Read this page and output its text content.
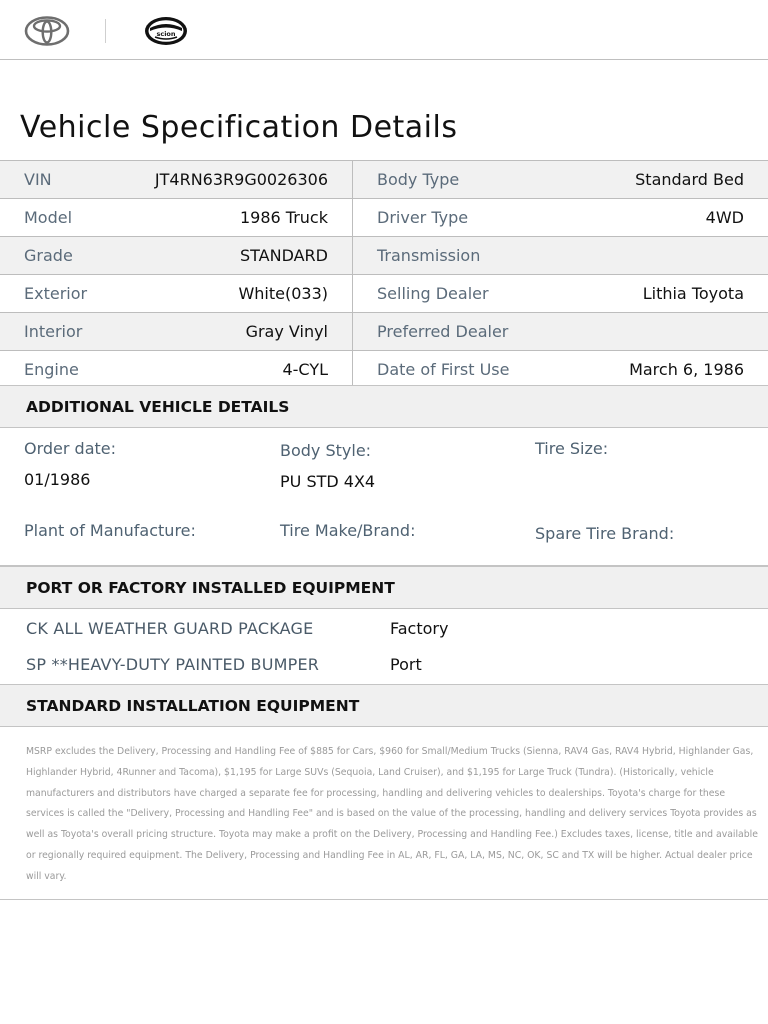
scion
Vehicle Specification Details
VIN	JT4RN63R9G0026306	Body Type	Standard Bed
Model	1986 Truck	Driver Type	4WD
Grade	STANDARD	Transmission
Exterior	White(033)	Selling Dealer	Lithia Toyota
Interior	Gray Vinyl	Preferred Dealer
Engine	4-CYL	Date of First Use	March 6, 1986
ADDITIONAL VEHICLE DETAILS
Order date:
01/1986
Body Style:
PU STD 4X4
Tire Size:
Plant of Manufacture:	Tire Make/Brand:	Spare Tire Brand:
PORT OR FACTORY INSTALLED EQUIPMENT
CK ALL WEATHER GUARD PACKAGE	Factory
SP **HEAVY-DUTY PAINTED BUMPER	Port
STANDARD INSTALLATION EQUIPMENT

MSRP excludes the Delivery, Processing and Handling Fee of $885 for Cars, $960 for Small/Medium Trucks (Sienna, RAV4 Gas, RAV4 Hybrid, Highlander Gas, Highlander Hybrid, 4Runner and Tacoma), $1,195 for Large SUVs (Sequoia, Land Cruiser), and $1,195 for Large Truck (Tundra). (Historically, vehicle manufacturers and distributors have charged a separate fee for processing, handling and delivering vehicles to dealerships. Toyota's charge for these services is called the "Delivery, Processing and Handling Fee" and is based on the value of the processing, handling and delivery services Toyota provides as well as Toyota's overall pricing structure. Toyota may make a profit on the Delivery, Processing and Handling Fee.) Excludes taxes, license, title and available or regionally required equipment. The Delivery, Processing and Handling Fee in AL, AR, FL, GA, LA, MS, NC, OK, SC and TX will be higher. Actual dealer price will vary.
